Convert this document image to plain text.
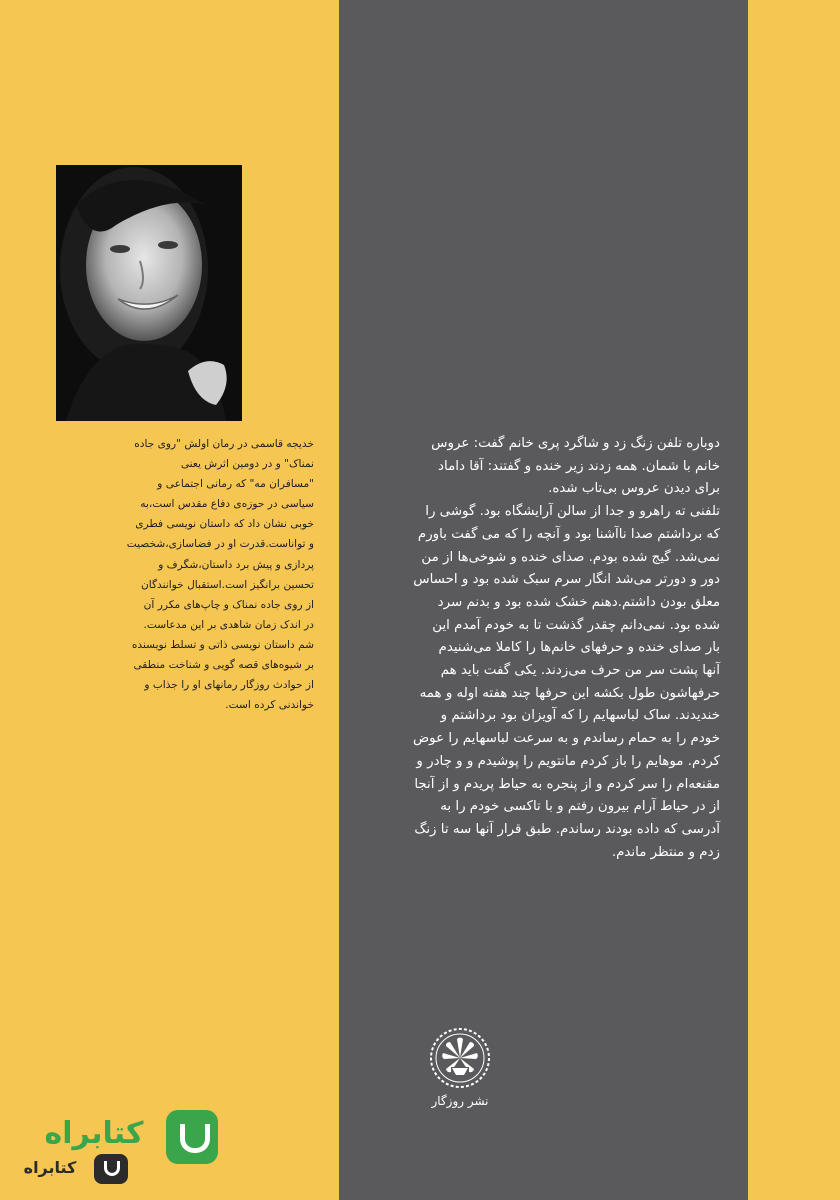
خدیجه قاسمی در رمان اولش "روی جاده
نمناک" و در دومین اثرش یعنی
"مسافران مه" که رمانی اجتماعی و
سیاسی در حوزه‌ی دفاع مقدس است،به
خوبی نشان داد که داستان نویسی فطری
و تواناست.قدرت او در فضاسازی،شخصیت
پردازی و پیش برد داستان،شگرف و
تحسین برانگیز است.استقبال خوانندگان
از روی جاده نمناک و چاپ‌های مکرر آن
در اندک زمان شاهدی بر این مدعاست.
شم داستان نویسی ذاتی و تسلط نویسنده
بر شیوه‌های قصه گویی و شناخت منطقی
از حوادث روزگار رمانهای او را جذاب و
خواندنی کرده است.
دوباره تلفن زنگ زد و شاگرد پری خانم گفت: عروس
خانم با شمان. همه زدند زیر خنده و گفتند: آقا داماد
برای دیدن عروس بی‌تاب شده.
تلفنی ته راهرو و جدا از سالن آرایشگاه بود. گوشی را
که برداشتم صدا ناآشنا بود و آنچه را که می گفت باورم
نمی‌شد. گیج شده بودم. صدای خنده و شوخی‌ها از من
دور و دورتر می‌شد انگار سرم سبک شده بود و احساس
معلق بودن داشتم.دهنم خشک شده بود و بدنم سرد
شده بود. نمی‌دانم چقدر گذشت تا به خودم آمدم این
بار صدای خنده و حرفهای خانم‌ها را کاملا می‌شنیدم
آنها پشت سر من حرف می‌زدند. یکی گفت باید هم
حرفهاشون طول بکشه این حرفها چند هفته اوله و همه
خندیدند. ساک لباسهایم را که آویزان بود برداشتم و
خودم را به حمام رساندم و به سرعت لباسهایم را عوض
کردم. موهایم را باز کردم مانتویم را پوشیدم و و چادر و
مقنعه‌ام را سر کردم و از پنجره به حیاط پریدم و از آنجا
از در حیاط آرام بیرون رفتم و با تاکسی خودم را به
آدرسی که داده بودند رساندم. طبق قرار آنها سه تا زنگ
زدم و منتظر ماندم.
نشر روزگار
کتابراه
کتابراه
